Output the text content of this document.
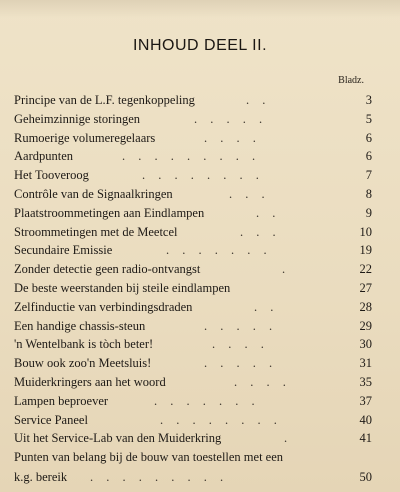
INHOUD DEEL II.
Bladz.
Principe van de L.F. tegenkoppeling	. .	3
Geheimzinnige storingen	. . . . .	5
Rumoerige volumeregelaars	. . . .	6
Aardpunten	. . . . . . . . .	6
Het Tooveroog	. . . . . . . .	7
Contrôle van de Signaalkringen	. . .	8
Plaatstroommetingen aan Eindlampen	. .	9
Stroommetingen met de Meetcel	. . .	10
Secundaire Emissie	. . . . . . .	19
Zonder detectie geen radio-ontvangst	.	22
De beste weerstanden bij steile eindlampen	27
Zelfinductie van verbindingsdraden	. .	28
Een handige chassis-steun	. . . . .	29
'n Wentelbank is tòch beter!	. . . .	30
Bouw ook zoo'n Meetsluis!	. . . . .	31
Muiderkringers aan het woord	. . . .	35
Lampen beproever	. . . . . . .	37
Service Paneel	. . . . . . . .	40
Uit het Service-Lab van den Muiderkring	.	41
Punten van belang bij de bouw van toestellen met een
k.g. bereik . . . . . . . . .	50
